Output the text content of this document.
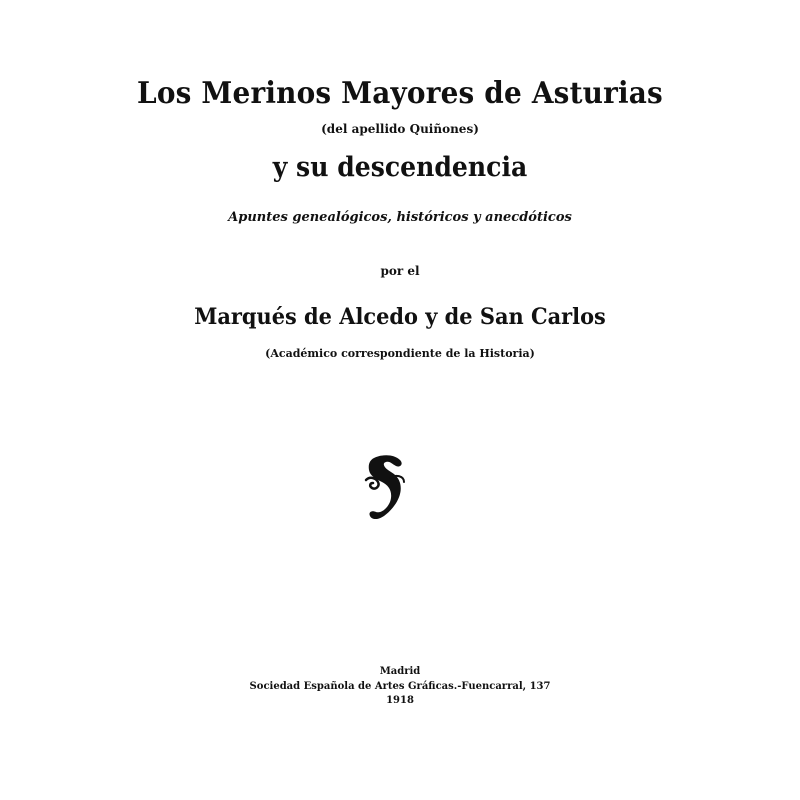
Los Merinos Mayores de Asturias
(del apellido Quiñones)
y su descendencia
Apuntes genealógicos, históricos y anecdóticos
por el
Marqués de Alcedo y de San Carlos
(Académico correspondiente de la Historia)
Madrid
Sociedad Española de Artes Gráficas.-Fuencarral, 137
1918
